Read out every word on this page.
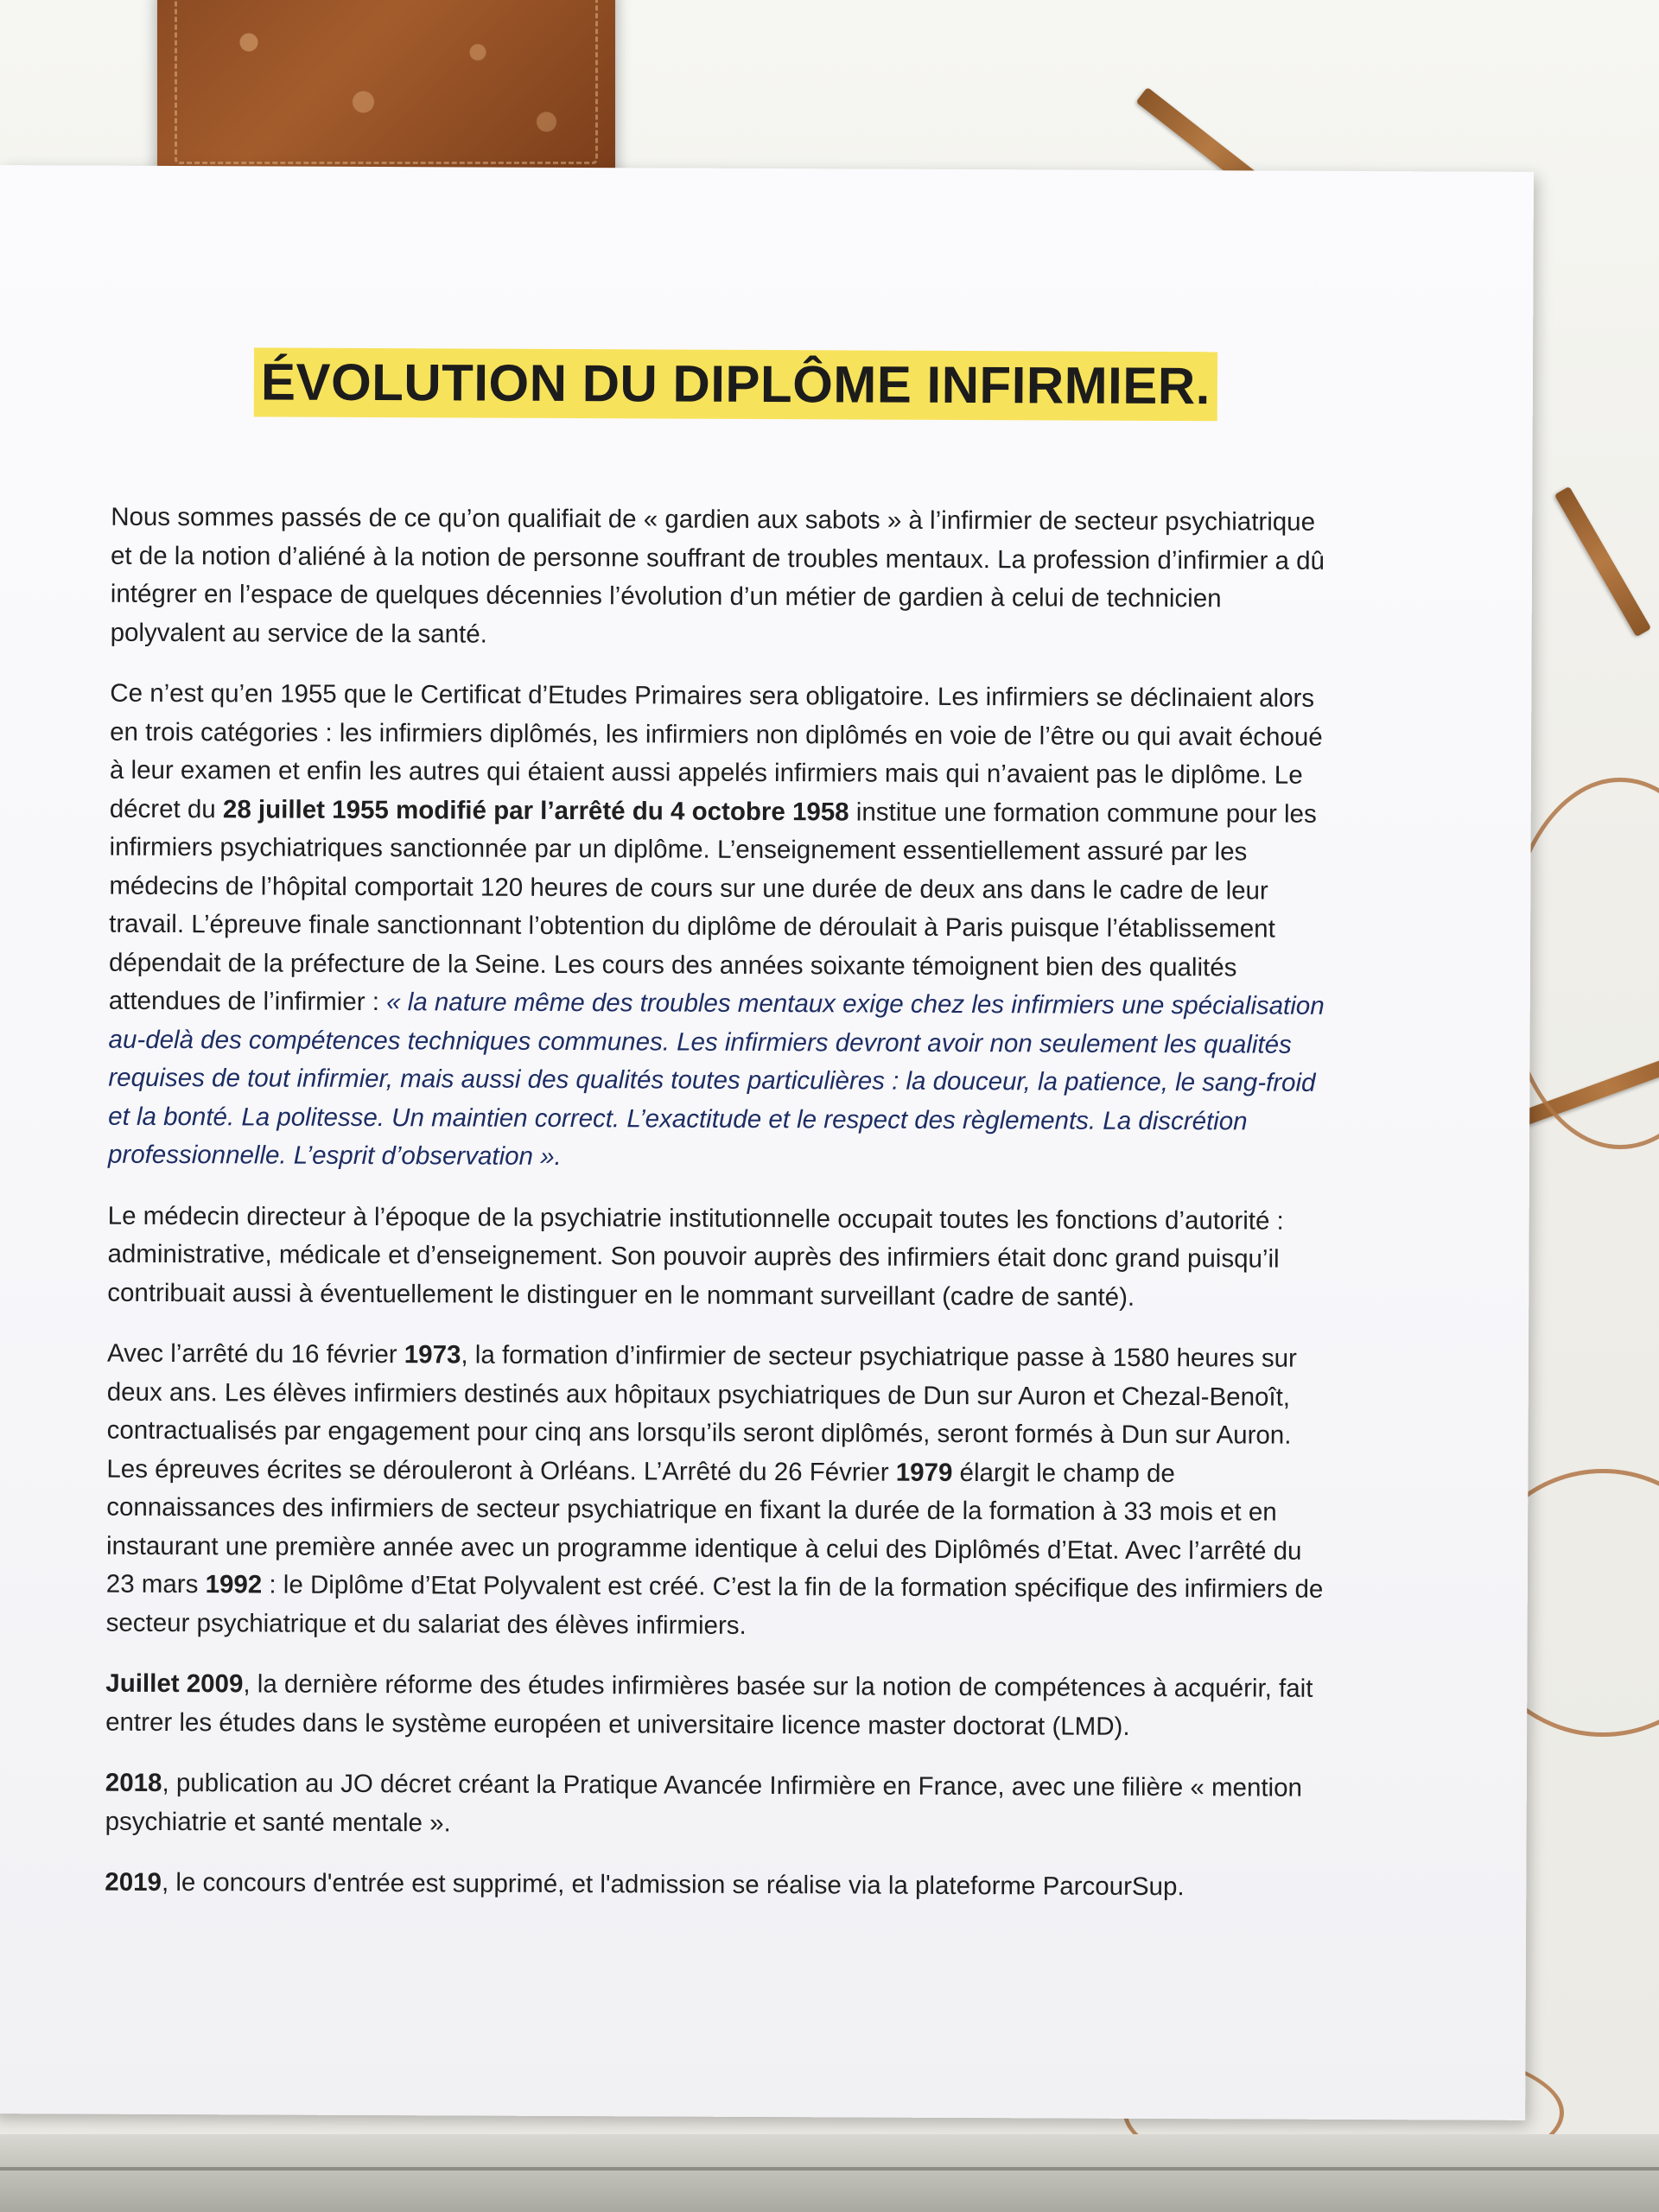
ÉVOLUTION DU DIPLÔME INFIRMIER.

Nous sommes passés de ce qu’on qualifiait de « gardien aux sabots » à l’infirmier de secteur psychiatrique et de la notion d’aliéné à la notion de personne souffrant de troubles mentaux. La profession d’infirmier a dû intégrer en l’espace de quelques décennies l’évolution d’un métier de gardien à celui de technicien polyvalent au service de la santé.

Ce n’est qu’en 1955 que le Certificat d’Etudes Primaires sera obligatoire. Les infirmiers se déclinaient alors en trois catégories : les infirmiers diplômés, les infirmiers non diplômés en voie de l’être ou qui avait échoué à leur examen et enfin les autres qui étaient aussi appelés infirmiers mais qui n’avaient pas le diplôme. Le décret du 28 juillet 1955 modifié par l’arrêté du 4 octobre 1958 institue une formation commune pour les infirmiers psychiatriques sanctionnée par un diplôme. L’enseignement essentiellement assuré par les médecins de l’hôpital comportait 120 heures de cours sur une durée de deux ans dans le cadre de leur travail. L’épreuve finale sanctionnant l’obtention du diplôme de déroulait à Paris puisque l’établissement dépendait de la préfecture de la Seine. Les cours des années soixante témoignent bien des qualités attendues de l’infirmier : « la nature même des troubles mentaux exige chez les infirmiers une spécialisation au-delà des compétences techniques communes. Les infirmiers devront avoir non seulement les qualités requises de tout infirmier, mais aussi des qualités toutes particulières : la douceur, la patience, le sang-froid et la bonté. La politesse. Un maintien correct. L’exactitude et le respect des règlements. La discrétion professionnelle. L’esprit d’observation ».

Le médecin directeur à l’époque de la psychiatrie institutionnelle occupait toutes les fonctions d’autorité : administrative, médicale et d’enseignement. Son pouvoir auprès des infirmiers était donc grand puisqu’il contribuait aussi à éventuellement le distinguer en le nommant surveillant (cadre de santé).

Avec l’arrêté du 16 février 1973, la formation d’infirmier de secteur psychiatrique passe à 1580 heures sur deux ans. Les élèves infirmiers destinés aux hôpitaux psychiatriques de Dun sur Auron et Chezal-Benoît, contractualisés par engagement pour cinq ans lorsqu’ils seront diplômés, seront formés à Dun sur Auron. Les épreuves écrites se dérouleront à Orléans. L’Arrêté du 26 Février 1979 élargit le champ de connaissances des infirmiers de secteur psychiatrique en fixant la durée de la formation à 33 mois et en instaurant une première année avec un programme identique à celui des Diplômés d’Etat. Avec l’arrêté du 23 mars 1992 : le Diplôme d’Etat Polyvalent est créé. C’est la fin de la formation spécifique des infirmiers de secteur psychiatrique et du salariat des élèves infirmiers.

Juillet 2009, la dernière réforme des études infirmières basée sur la notion de compétences à acquérir, fait entrer les études dans le système européen et universitaire licence master doctorat (LMD).

2018, publication au JO décret créant la Pratique Avancée Infirmière en France, avec une filière « mention psychiatrie et santé mentale ».

2019, le concours d'entrée est supprimé, et l'admission se réalise via la plateforme ParcourSup.
